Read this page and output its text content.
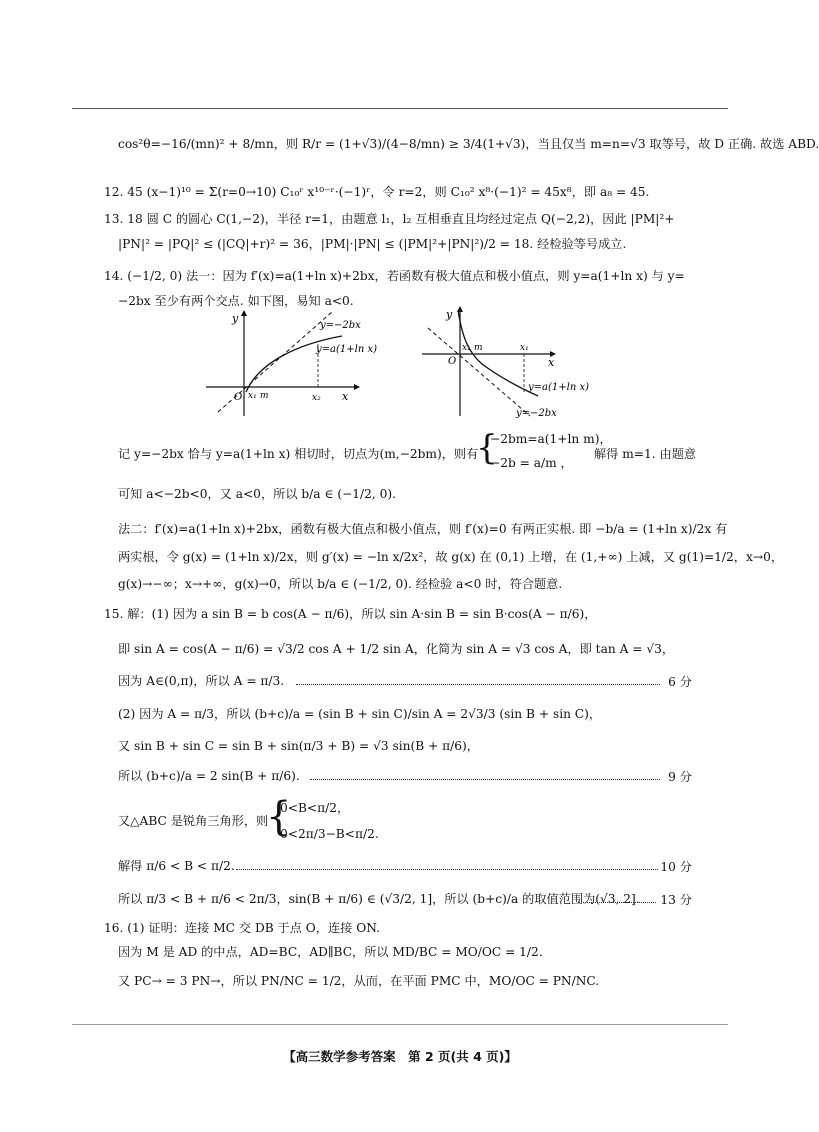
cos²θ=−16/(mn)² + 8/mn，则 R/r = (1+√3)/(4−8/mn) ≥ 3/4(1+√3)，当且仅当 m=n=√3 取等号，故 D 正确. 故选 ABD.
12. 45 (x−1)¹⁰ = Σ(r=0→10) C₁₀ʳ x¹⁰⁻ʳ·(−1)ʳ，令 r=2，则 C₁₀² x⁸·(−1)² = 45x⁸，即 a₈ = 45.
13. 18 圆 C 的圆心 C(1,−2)，半径 r=1，由题意 l₁，l₂ 互相垂直且均经过定点 Q(−2,2)，因此 |PM|²+
|PN|² = |PQ|² ≤ (|CQ|+r)² = 36，|PM|·|PN| ≤ (|PM|²+|PN|²)/2 = 18. 经检验等号成立.
14. (−1/2, 0) 法一：因为 f′(x)=a(1+ln x)+2bx，若函数有极大值点和极小值点，则 y=a(1+ln x) 与 y=
−2bx 至少有两个交点. 如下图，易知 a<0.
y
x
O x₁ m	x₂
y=−2bx
y=a(1+ln x)
y
x
O
x₁ m	x₁
y=a(1+ln x)
y=−2bx
记 y=−2bx 恰与 y=a(1+ln x) 相切时，切点为(m,−2bm)，则有
{
−2bm=a(1+ln m)，
−2b = a/m ，
解得 m=1. 由题意
可知 a<−2b<0，又 a<0，所以 b/a ∈ (−1/2, 0).
法二：f′(x)=a(1+ln x)+2bx，函数有极大值点和极小值点，则 f′(x)=0 有两正实根. 即 −b/a = (1+ln x)/2x 有
两实根，令 g(x) = (1+ln x)/2x，则 g′(x) = −ln x/2x²，故 g(x) 在 (0,1) 上增，在 (1,+∞) 上减，又 g(1)=1/2，x→0，
g(x)→−∞；x→+∞，g(x)→0，所以 b/a ∈ (−1/2, 0). 经检验 a<0 时，符合题意.
15. 解：(1) 因为 a sin B = b cos(A − π/6)，所以 sin A·sin B = sin B·cos(A − π/6)，
即 sin A = cos(A − π/6) = √3/2 cos A + 1/2 sin A，化简为 sin A = √3 cos A，即 tan A = √3，
因为 A∈(0,π)，所以 A = π/3.	6 分
(2) 因为 A = π/3，所以 (b+c)/a = (sin B + sin C)/sin A = 2√3/3 (sin B + sin C)，
又 sin B + sin C = sin B + sin(π/3 + B) = √3 sin(B + π/6)，
所以 (b+c)/a = 2 sin(B + π/6).	9 分
又△ABC 是锐角三角形，则
{
0<B<π/2，
0<2π/3−B<π/2.
解得 π/6 < B < π/2.	10 分
所以 π/3 < B + π/6 < 2π/3，sin(B + π/6) ∈ (√3/2, 1]，所以 (b+c)/a 的取值范围为(√3, 2]. 13 分
16. (1) 证明：连接 MC 交 DB 于点 O，连接 ON.
因为 M 是 AD 的中点，AD=BC，AD∥BC，所以 MD/BC = MO/OC = 1/2.
又 PC→ = 3 PN→，所以 PN/NC = 1/2，从而，在平面 PMC 中，MO/OC = PN/NC.
【高三数学参考答案　第 2 页(共 4 页)】
